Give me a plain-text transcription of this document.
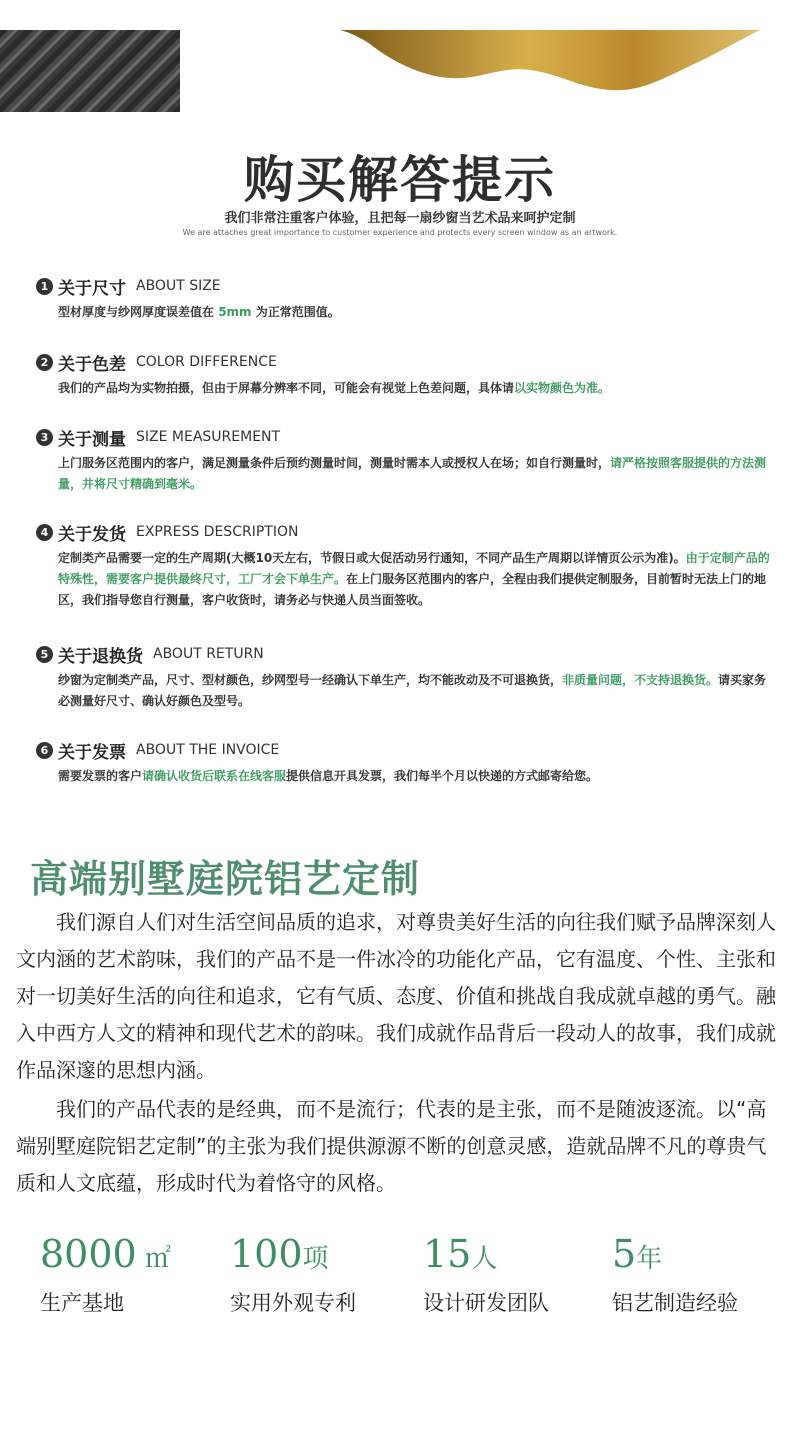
购买解答提示
我们非常注重客户体验，且把每一扇纱窗当艺术品来呵护定制
We are attaches great importance to customer experience and protects every screen window as an artwork.
1 关于尺寸 ABOUT SIZE
型材厚度与纱网厚度误差值在 5mm 为正常范围值。
2 关于色差 COLOR DIFFERENCE
我们的产品均为实物拍摄，但由于屏幕分辨率不同，可能会有视觉上色差问题，具体请以实物颜色为准。
3 关于测量 SIZE MEASUREMENT
上门服务区范围内的客户，满足测量条件后预约测量时间，测量时需本人或授权人在场；如自行测量时，请严格按照客服提供的方法测量，并将尺寸精确到毫米。
4 关于发货 EXPRESS DESCRIPTION
定制类产品需要一定的生产周期(大概10天左右，节假日或大促活动另行通知，不同产品生产周期以详情页公示为准)。由于定制产品的特殊性，需要客户提供最终尺寸，工厂才会下单生产。在上门服务区范围内的客户，全程由我们提供定制服务，目前暂时无法上门的地区，我们指导您自行测量，客户收货时，请务必与快递人员当面签收。
5 关于退换货 ABOUT RETURN
纱窗为定制类产品，尺寸、型材颜色，纱网型号一经确认下单生产，均不能改动及不可退换货，非质量问题，不支持退换货。请买家务必测量好尺寸、确认好颜色及型号。
6 关于发票 ABOUT THE INVOICE
需要发票的客户请确认收货后联系在线客服提供信息开具发票，我们每半个月以快递的方式邮寄给您。
高端别墅庭院铝艺定制
　　我们源自人们对生活空间品质的追求，对尊贵美好生活的向往我们赋予品牌深刻人文内涵的艺术韵味，我们的产品不是一件冰冷的功能化产品，它有温度、个性、主张和对一切美好生活的向往和追求，它有气质、态度、价值和挑战自我成就卓越的勇气。融入中西方人文的精神和现代艺术的韵味。我们成就作品背后一段动人的故事，我们成就作品深邃的思想内涵。
　　我们的产品代表的是经典，而不是流行；代表的是主张，而不是随波逐流。以“高端别墅庭院铝艺定制”的主张为我们提供源源不断的创意灵感，造就品牌不凡的尊贵气质和人文底蕴，形成时代为着恪守的风格。
8000 ㎡
生产基地
100项
实用外观专利
15人
设计研发团队
5年
铝艺制造经验
